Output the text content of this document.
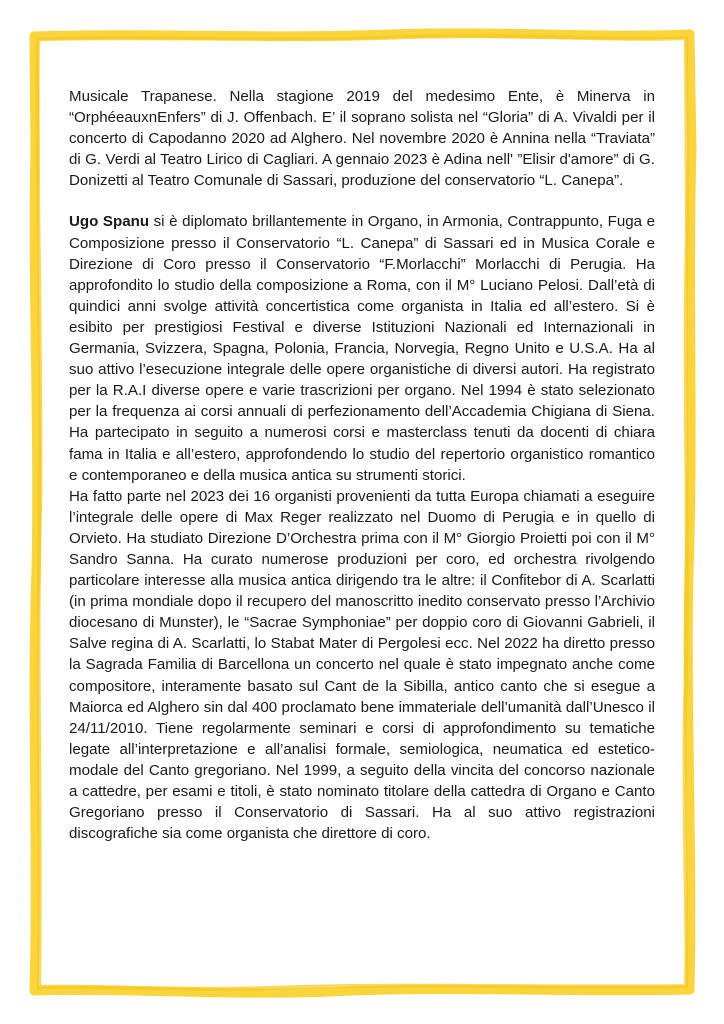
Musicale Trapanese. Nella stagione 2019 del medesimo Ente, è Minerva in “OrphéeauxnEnfers” di J. Offenbach. E’ il soprano solista nel “Gloria” di A. Vivaldi per il concerto di Capodanno 2020 ad Alghero. Nel novembre 2020 è Annina nella “Traviata” di G. Verdi al Teatro Lirico di Cagliari. A gennaio 2023 è Adina nell' ”Elisir d'amore” di G. Donizetti al Teatro Comunale di Sassari, produzione del conservatorio “L. Canepa”.

Ugo Spanu si è diplomato brillantemente in Organo, in Armonia, Contrappunto, Fuga e Composizione presso il Conservatorio “L. Canepa” di Sassari ed in Musica Corale e Direzione di Coro presso il Conservatorio “F.Morlacchi” Morlacchi di Perugia. Ha approfondito lo studio della composizione a Roma, con il M° Luciano Pelosi. Dall’età di quindici anni svolge attività concertistica come organista in Italia ed all’estero. Si è esibito per prestigiosi Festival e diverse Istituzioni Nazionali ed Internazionali in Germania, Svizzera, Spagna, Polonia, Francia, Norvegia, Regno Unito e U.S.A. Ha al suo attivo l’esecuzione integrale delle opere organistiche di diversi autori. Ha registrato per la R.A.I diverse opere e varie trascrizioni per organo. Nel 1994 è stato selezionato per la frequenza ai corsi annuali di perfezionamento dell’Accademia Chigiana di Siena. Ha partecipato in seguito a numerosi corsi e masterclass tenuti da docenti di chiara fama in Italia e all’estero, approfondendo lo studio del repertorio organistico romantico e contemporaneo e della musica antica su strumenti storici.

Ha fatto parte nel 2023 dei 16 organisti provenienti da tutta Europa chiamati a eseguire l’integrale delle opere di Max Reger realizzato nel Duomo di Perugia e in quello di Orvieto. Ha studiato Direzione D’Orchestra prima con il M° Giorgio Proietti poi con il M° Sandro Sanna. Ha curato numerose produzioni per coro, ed orchestra rivolgendo particolare interesse alla musica antica dirigendo tra le altre: il Confitebor di A. Scarlatti (in prima mondiale dopo il recupero del manoscritto inedito conservato presso l’Archivio diocesano di Munster), le “Sacrae Symphoniae” per doppio coro di Giovanni Gabrieli, il Salve regina di A. Scarlatti, lo Stabat Mater di Pergolesi ecc. Nel 2022 ha diretto presso la Sagrada Familia di Barcellona un concerto nel quale è stato impegnato anche come compositore, interamente basato sul Cant de la Sibilla, antico canto che si esegue a Maiorca ed Alghero sin dal 400 proclamato bene immateriale dell’umanità dall’Unesco il 24/11/2010. Tiene regolarmente seminari e corsi di approfondimento su tematiche legate all’interpretazione e all’analisi formale, semiologica, neumatica ed estetico-modale del Canto gregoriano. Nel 1999, a seguito della vincita del concorso nazionale a cattedre, per esami e titoli, è stato nominato titolare della cattedra di Organo e Canto Gregoriano presso il Conservatorio di Sassari. Ha al suo attivo registrazioni discografiche sia come organista che direttore di coro.
